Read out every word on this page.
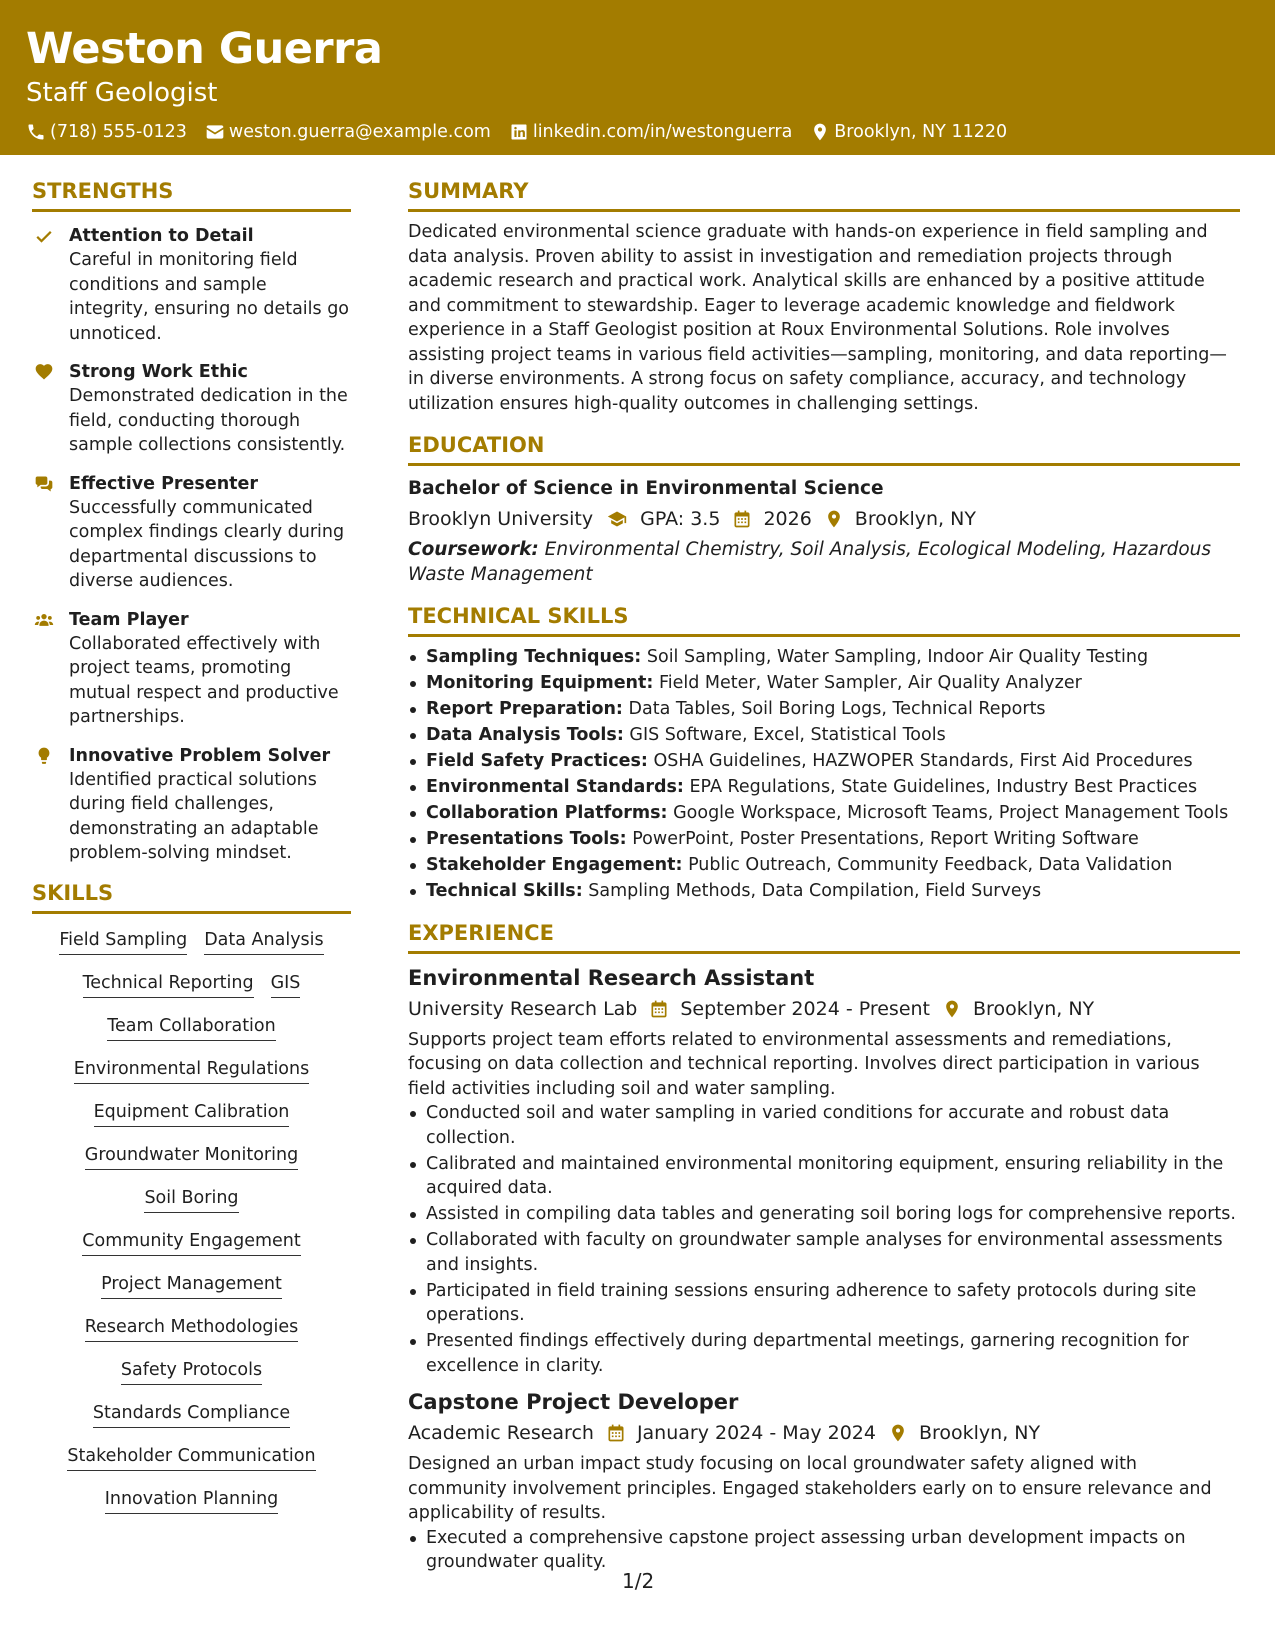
Weston Guerra
Staff Geologist
(718) 555-0123 weston.guerra@example.com linkedin.com/in/westonguerra Brooklyn, NY 11220
STRENGTHS
Attention to Detail
Careful in monitoring field conditions and sample integrity, ensuring no details go unnoticed.
Strong Work Ethic
Demonstrated dedication in the field, conducting thorough sample collections consistently.
Effective Presenter
Successfully communicated complex findings clearly during departmental discussions to diverse audiences.
Team Player
Collaborated effectively with project teams, promoting mutual respect and productive partnerships.
Innovative Problem Solver
Identified practical solutions during field challenges, demonstrating an adaptable problem-solving mindset.
SKILLS
Field Sampling Data Analysis
Technical Reporting GIS
Team Collaboration
Environmental Regulations
Equipment Calibration
Groundwater Monitoring
Soil Boring
Community Engagement
Project Management
Research Methodologies
Safety Protocols
Standards Compliance
Stakeholder Communication
Innovation Planning
SUMMARY
Dedicated environmental science graduate with hands-on experience in field sampling and data analysis. Proven ability to assist in investigation and remediation projects through academic research and practical work. Analytical skills are enhanced by a positive attitude and commitment to stewardship. Eager to leverage academic knowledge and fieldwork experience in a Staff Geologist position at Roux Environmental Solutions. Role involves assisting project teams in various field activities—sampling, monitoring, and data reporting—in diverse environments. A strong focus on safety compliance, accuracy, and technology utilization ensures high-quality outcomes in challenging settings.
EDUCATION
Bachelor of Science in Environmental Science
Brooklyn University GPA: 3.5 2026 Brooklyn, NY
Coursework: Environmental Chemistry, Soil Analysis, Ecological Modeling, Hazardous Waste Management
TECHNICAL SKILLS
Sampling Techniques: Soil Sampling, Water Sampling, Indoor Air Quality Testing
Monitoring Equipment: Field Meter, Water Sampler, Air Quality Analyzer
Report Preparation: Data Tables, Soil Boring Logs, Technical Reports
Data Analysis Tools: GIS Software, Excel, Statistical Tools
Field Safety Practices: OSHA Guidelines, HAZWOPER Standards, First Aid Procedures
Environmental Standards: EPA Regulations, State Guidelines, Industry Best Practices
Collaboration Platforms: Google Workspace, Microsoft Teams, Project Management Tools
Presentations Tools: PowerPoint, Poster Presentations, Report Writing Software
Stakeholder Engagement: Public Outreach, Community Feedback, Data Validation
Technical Skills: Sampling Methods, Data Compilation, Field Surveys
EXPERIENCE
Environmental Research Assistant
University Research Lab September 2024 - Present Brooklyn, NY
Supports project team efforts related to environmental assessments and remediations, focusing on data collection and technical reporting. Involves direct participation in various field activities including soil and water sampling.
Conducted soil and water sampling in varied conditions for accurate and robust data collection.
Calibrated and maintained environmental monitoring equipment, ensuring reliability in the acquired data.
Assisted in compiling data tables and generating soil boring logs for comprehensive reports.
Collaborated with faculty on groundwater sample analyses for environmental assessments and insights.
Participated in field training sessions ensuring adherence to safety protocols during site operations.
Presented findings effectively during departmental meetings, garnering recognition for excellence in clarity.
Capstone Project Developer
Academic Research January 2024 - May 2024 Brooklyn, NY
Designed an urban impact study focusing on local groundwater safety aligned with community involvement principles. Engaged stakeholders early on to ensure relevance and applicability of results.
Executed a comprehensive capstone project assessing urban development impacts on groundwater quality.
1/2
